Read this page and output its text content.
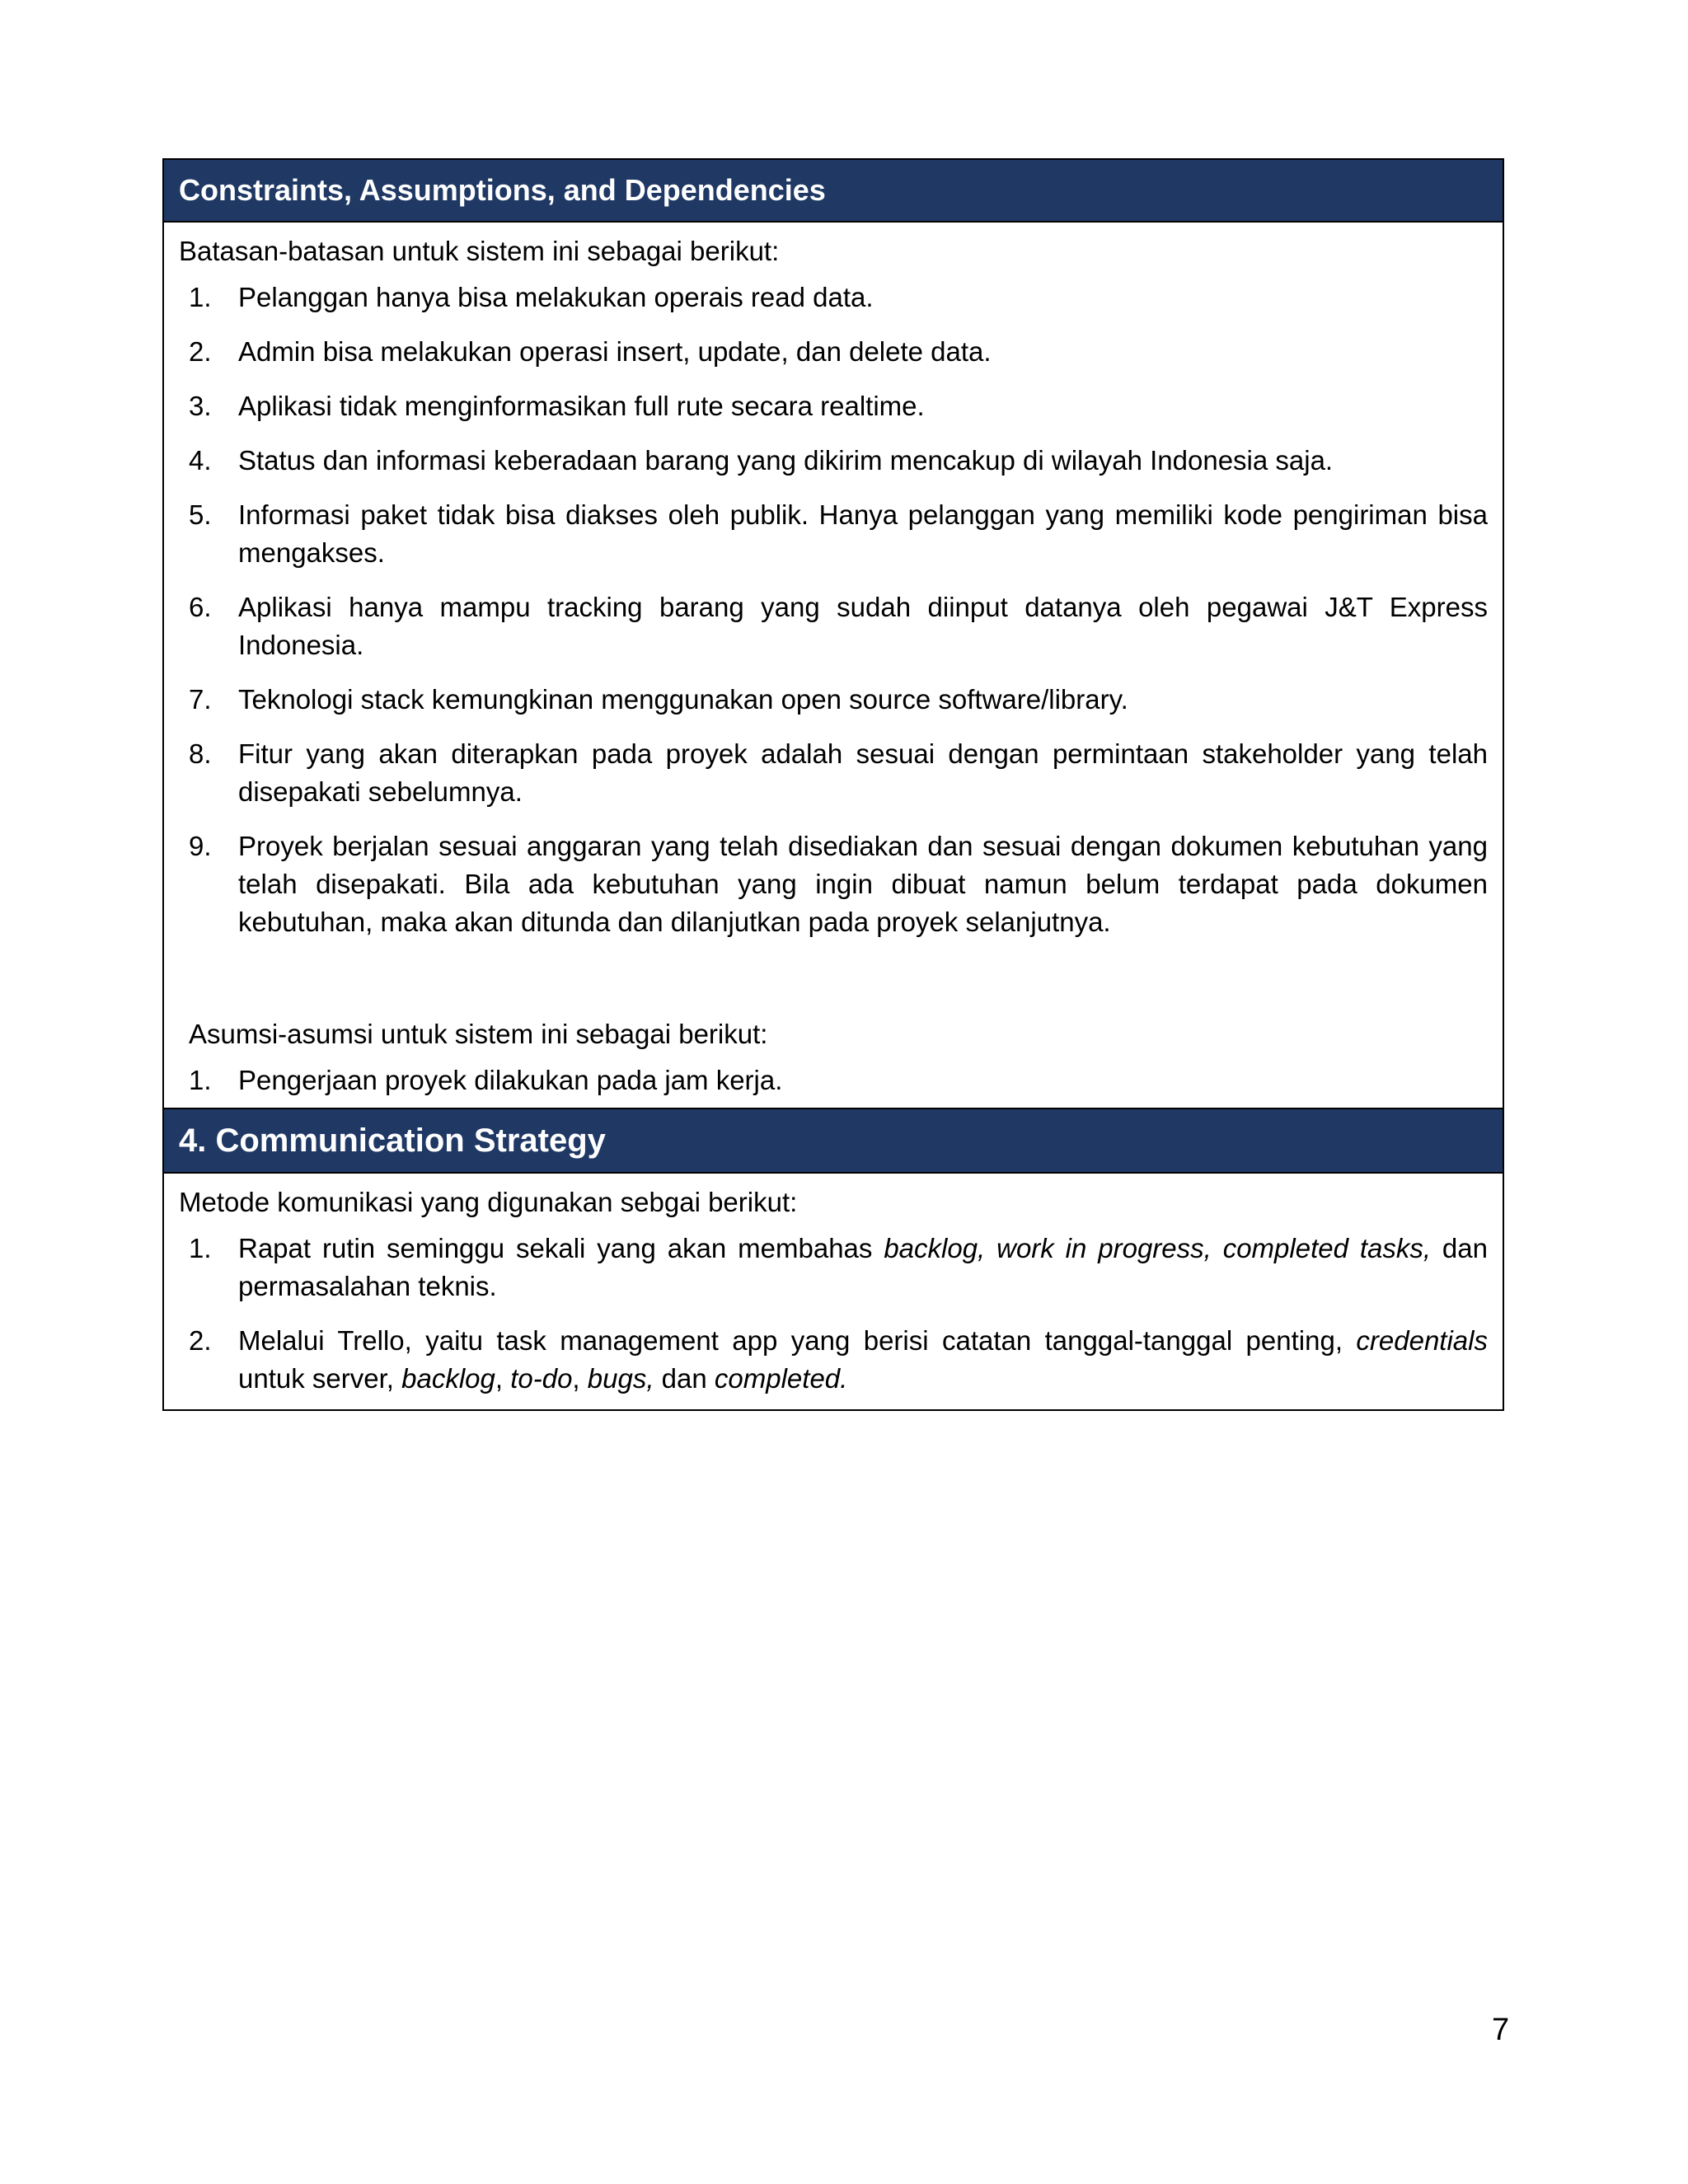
Constraints, Assumptions, and Dependencies
Batasan-batasan untuk sistem ini sebagai berikut:
1. Pelanggan hanya bisa melakukan operais read data.
2. Admin bisa melakukan operasi insert, update, dan delete data.
3. Aplikasi tidak menginformasikan full rute secara realtime.
4. Status dan informasi keberadaan barang yang dikirim mencakup di wilayah Indonesia saja.
5. Informasi paket tidak bisa diakses oleh publik. Hanya pelanggan yang memiliki kode pengiriman bisa mengakses.
6. Aplikasi hanya mampu tracking barang yang sudah diinput datanya oleh pegawai J&T Express Indonesia.
7. Teknologi stack kemungkinan menggunakan open source software/library.
8. Fitur yang akan diterapkan pada proyek adalah sesuai dengan permintaan stakeholder yang telah disepakati sebelumnya.
9. Proyek berjalan sesuai anggaran yang telah disediakan dan sesuai dengan dokumen kebutuhan yang telah disepakati. Bila ada kebutuhan yang ingin dibuat namun belum terdapat pada dokumen kebutuhan, maka akan ditunda dan dilanjutkan pada proyek selanjutnya.
Asumsi-asumsi untuk sistem ini sebagai berikut:
1. Pengerjaan proyek dilakukan pada jam kerja.
4. Communication Strategy
Metode komunikasi yang digunakan sebgai berikut:
1. Rapat rutin seminggu sekali yang akan membahas backlog, work in progress, completed tasks, dan permasalahan teknis.
2. Melalui Trello, yaitu task management app yang berisi catatan tanggal-tanggal penting, credentials untuk server, backlog, to-do, bugs, dan completed.
7
